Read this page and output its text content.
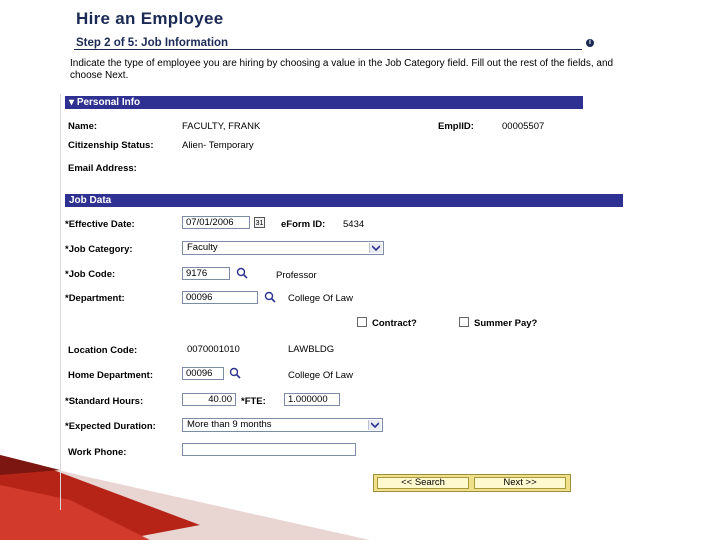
Hire an Employee
Step 2 of 5: Job Information	i
Indicate the type of employee you are hiring by choosing a value in the Job Category field. Fill out the rest of the fields, and choose Next.
▾ Personal Info
Name:	FACULTY, FRANK	EmplID:	00005507
Citizenship Status:	Alien- Temporary
Email Address:
Job Data
*Effective Date:	07/01/2006	31 eForm ID: 5434
*Job Category:	Faculty
*Job Code:	9176	Professor
*Department:	00096	College Of Law
Contract?	Summer Pay?
Location Code:	0070001010	LAWBLDG
Home Department:	00096	College Of Law
*Standard Hours:	40.00 *FTE:	1.000000
*Expected Duration:	More than 9 months
Work Phone:
<< Search	Next >>
